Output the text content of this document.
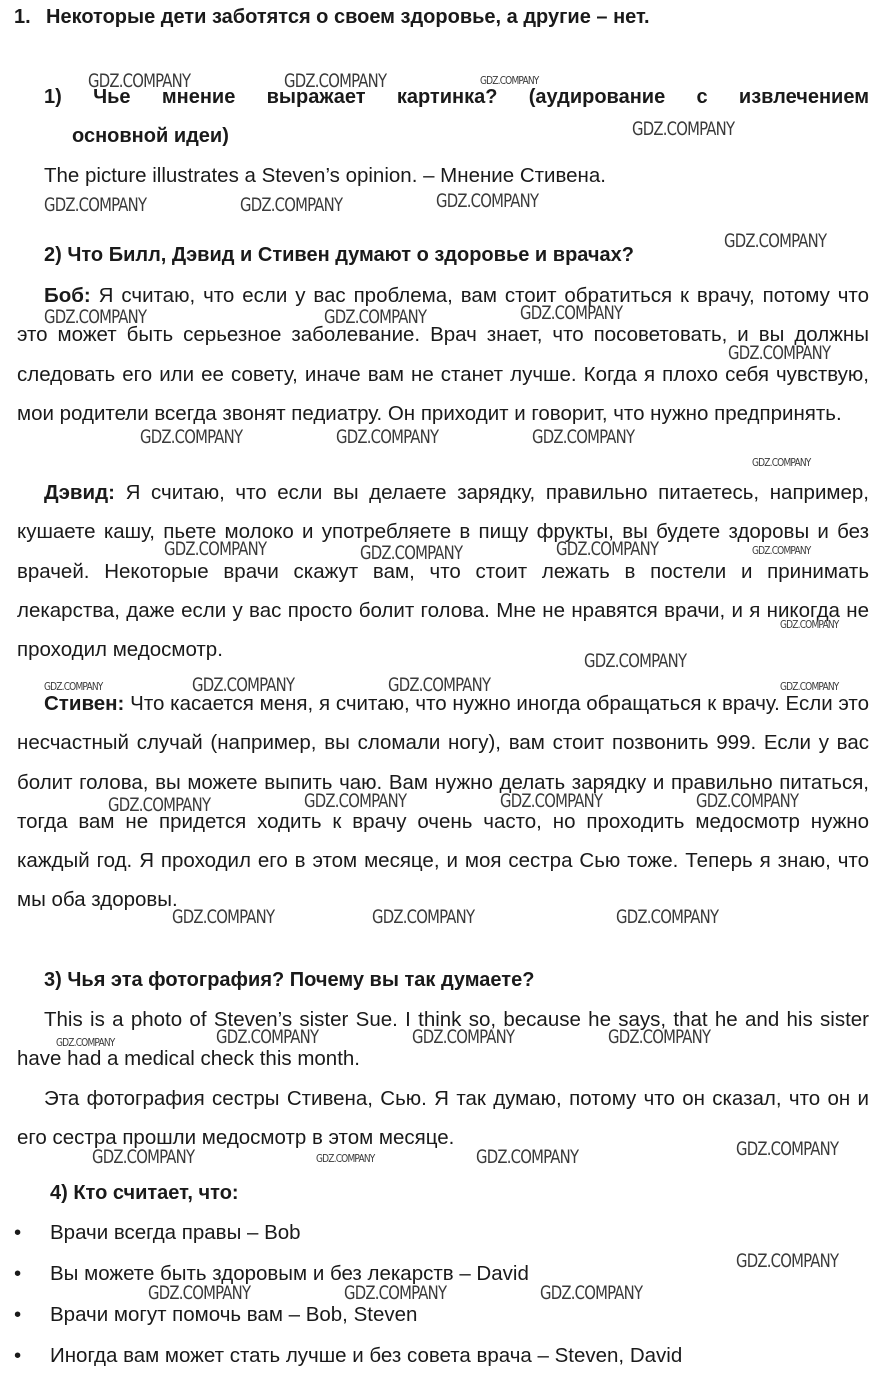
1. Некоторые дети заботятся о своем здоровье, а другие – нет.
1) Чье мнение выражает картинка? (аудирование с извлечением
основной идеи)

The picture illustrates a Steven’s opinion. – Мнение Стивена.

2) Что Билл, Дэвид и Стивен думают о здоровье и врачах?

Боб: Я считаю, что если у вас проблема, вам стоит обратиться к врачу, потому что это может быть серьезное заболевание. Врач знает, что посоветовать, и вы должны следовать его или ее совету, иначе вам не станет лучше. Когда я плохо себя чувствую, мои родители всегда звонят педиатру. Он приходит и говорит, что нужно предпринять.

Дэвид: Я считаю, что если вы делаете зарядку, правильно питаетесь, например, кушаете кашу, пьете молоко и употребляете в пищу фрукты, вы будете здоровы и без врачей. Некоторые врачи скажут вам, что стоит лежать в постели и принимать лекарства, даже если у вас просто болит голова. Мне не нравятся врачи, и я никогда не проходил медосмотр.

Стивен: Что касается меня, я считаю, что нужно иногда обращаться к врачу. Если это несчастный случай (например, вы сломали ногу), вам стоит позвонить 999. Если у вас болит голова, вы можете выпить чаю. Вам нужно делать зарядку и правильно питаться, тогда вам не придется ходить к врачу очень часто, но проходить медосмотр нужно каждый год. Я проходил его в этом месяце, и моя сестра Сью тоже. Теперь я знаю, что мы оба здоровы.

3) Чья эта фотография? Почему вы так думаете?

This is a photo of Steven’s sister Sue. I think so, because he says, that he and his sister have had a medical check this month.

Эта фотография сестры Стивена, Сью. Я так думаю, потому что он сказал, что он и его сестра прошли медосмотр в этом месяце.

4) Кто считает, что:
• Врачи всегда правы – Bob
• Вы можете быть здоровым и без лекарств – David
• Врачи могут помочь вам – Bob, Steven
• Иногда вам может стать лучше и без совета врача – Steven, David
GDZ.COMPANY	GDZ.COMPANY	GDZ.COMPANY
GDZ.COMPANY
GDZ.COMPANY	GDZ.COMPANY	GDZ.COMPANY
GDZ.COMPANY
GDZ.COMPANY	GDZ.COMPANY	GDZ.COMPANY
GDZ.COMPANY
GDZ.COMPANY	GDZ.COMPANY	GDZ.COMPANY
GDZ.COMPANY
GDZ.COMPANY	GDZ.COMPANY	GDZ.COMPANY	GDZ.COMPANY
GDZ.COMPANY
GDZ.COMPANY
GDZ.COMPANY	GDZ.COMPANY	GDZ.COMPANY	GDZ.COMPANY
GDZ.COMPANY	GDZ.COMPANY	GDZ.COMPANY	GDZ.COMPANY
GDZ.COMPANY	GDZ.COMPANY	GDZ.COMPANY
GDZ.COMPANY	GDZ.COMPANY	GDZ.COMPANY	GDZ.COMPANY
GDZ.COMPANY	GDZ.COMPANY	GDZ.COMPANY	GDZ.COMPANY
GDZ.COMPANY
GDZ.COMPANY	GDZ.COMPANY	GDZ.COMPANY
